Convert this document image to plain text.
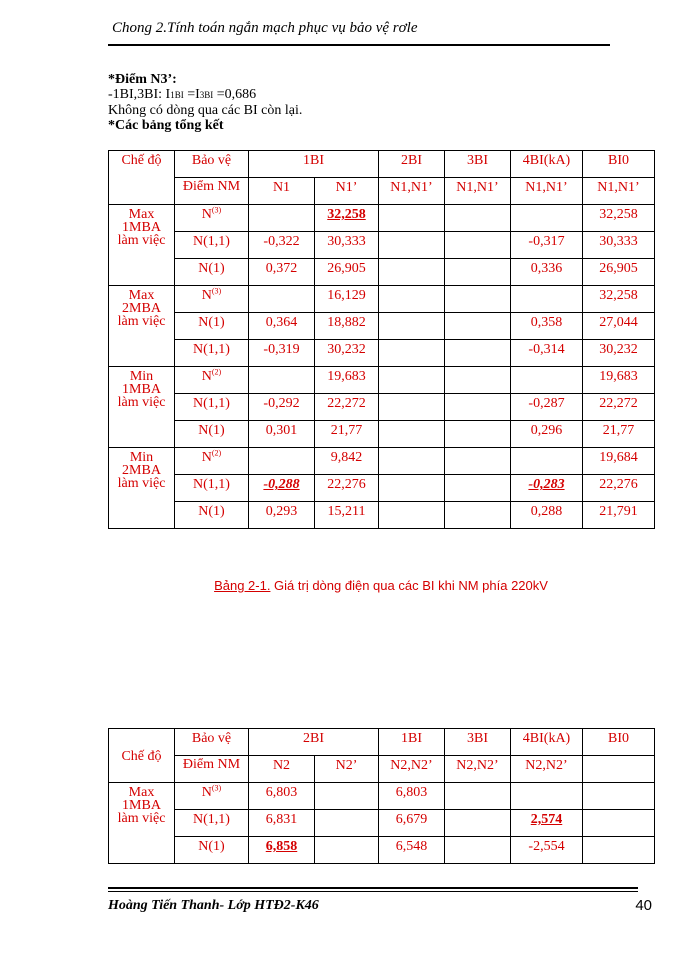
Chong 2.Tính toán ngắn mạch phục vụ bảo vệ rơle
*Điểm N3’:
-1BI,3BI: I1BI =I3BI =0,686
Không có dòng qua các BI còn lại.
*Các bảng tổng kết
Chế độ	Bảo vệ	1BI		2BI	3BI	4BI(kA)	BI0
	Điểm NM	N1	N1’	N1,N1’	N1,N1’	N1,N1’	N1,N1’
Max 1MBA làm việc	$N^{(3)}$		32,258				32,258
	N(1,1)	-0,322	30,333			-0,317	30,333
	N(1)	0,372	26,905			0,336	26,905
Max 2MBA làm việc	$N^{(3)}$		16,129				32,258
	N(1)	0,364	18,882			0,358	27,044
	N(1,1)	-0,319	30,232			-0,314	30,232
Min 1MBA làm việc	$N^{(2)}$		19,683				19,683
	N(1,1)	-0,292	22,272			-0,287	22,272
	N(1)	0,301	21,77			0,296	21,77
Min 2MBA làm việc	$N^{(2)}$		9,842				19,684
	N(1,1)	-0,288	22,276			-0,283	22,276
	N(1)	0,293	15,211			0,288	21,791
Bảng 2-1. Giá trị dòng điện qua các BI khi NM phía 220kV
Chế độ	Bảo vệ	2BI		1BI	3BI	4BI(kA)	BI0
	Điểm NM	N2	N2’	N2,N2’	N2,N2’	N2,N2’	
Max 1MBA làm việc	$N^{(3)}$	6,803		6,803			
	N(1,1)	6,831		6,679		2,574	
	N(1)	6,858		6,548		-2,554	
Hoàng Tiến Thanh- Lớp HTĐ2-K46	40
